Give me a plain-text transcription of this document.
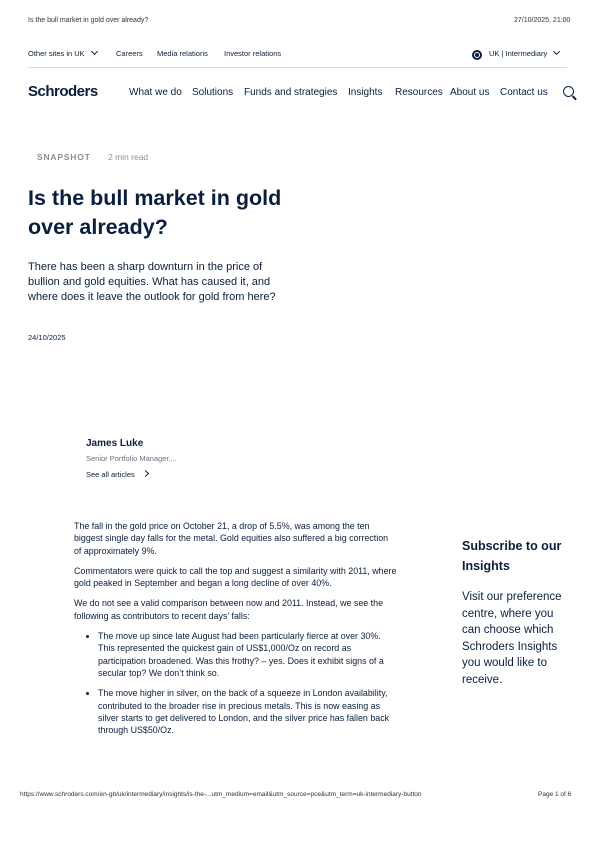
Is the bull market in gold over already?	27/10/2025, 21:00
Other sites in UK	Careers Media relations Investor relations	UK | Intermediary
Schroders	What we do Solutions Funds and strategies Insights Resources About us Contact us
SNAPSHOT 2 min read
Is the bull market in gold over already?

There has been a sharp downturn in the price of bullion and gold equities. What has caused it, and where does it leave the outlook for gold from here?

24/10/2025
James Luke
Senior Portfolio Manager,...
See all articles

The fall in the gold price on October 21, a drop of 5.5%, was among the ten biggest single day falls for the metal. Gold equities also suffered a big correction of approximately 9%.

Commentators were quick to call the top and suggest a similarity with 2011, where gold peaked in September and began a long decline of over 40%.

We do not see a valid comparison between now and 2011. Instead, we see the following as contributors to recent days’ falls:

• The move up since late August had been particularly fierce at over 30%. This represented the quickest gain of US$1,000/Oz on record as participation broadened. Was this frothy? – yes. Does it exhibit signs of a secular top? We don’t think so.
• The move higher in silver, on the back of a squeeze in London availability, contributed to the broader rise in precious metals. This is now easing as silver starts to get delivered to London, and the silver price has fallen back through US$50/Oz.
Subscribe to our Insights

Visit our preference centre, where you can choose which Schroders Insights you would like to receive.

https://www.schroders.com/en-gb/uk/intermediary/insights/is-the-...utm_medium=email&utm_source=pce&utm_term=uk-intermediary-button	Page 1 of 6
